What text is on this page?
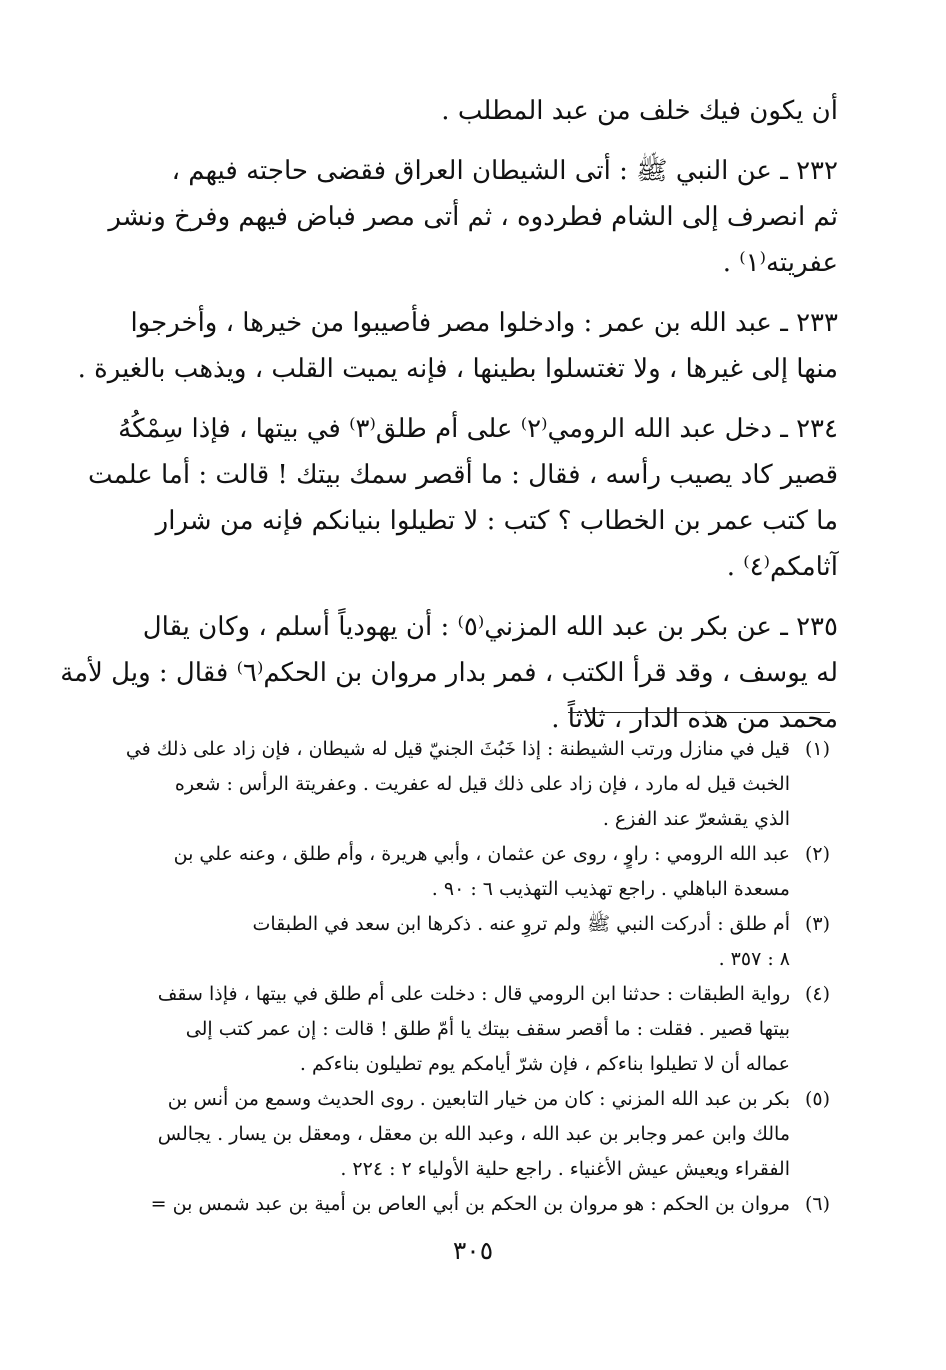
أن يكون فيك خلف من عبد المطلب .
٢٣٢ ـ عن النبي ﷺ : أتى الشيطان العراق فقضى حاجته فيهم ،
ثم انصرف إلى الشام فطردوه ، ثم أتى مصر فباض فيهم وفرخ ونشر
عفريته⁽١⁾ .
٢٣٣ ـ عبد الله بن عمر : وادخلوا مصر فأصيبوا من خيرها ، وأخرجوا
منها إلى غيرها ، ولا تغتسلوا بطينها ، فإنه يميت القلب ، ويذهب بالغيرة .
٢٣٤ ـ دخل عبد الله الرومي⁽٢⁾ على أم طلق⁽٣⁾ في بيتها ، فإذا سِمْكُهُ
قصير كاد يصيب رأسه ، فقال : ما أقصر سمك بيتك ! قالت : أما علمت
ما كتب عمر بن الخطاب ؟ كتب : لا تطيلوا بنيانكم فإنه من شرار
آثامكم⁽٤⁾ .
٢٣٥ ـ عن بكر بن عبد الله المزني⁽٥⁾ : أن يهودياً أسلم ، وكان يقال
له يوسف ، وقد قرأ الكتب ، فمر بدار مروان بن الحكم⁽٦⁾ فقال : ويل لأمة
محمد من هذه الدار ، ثلاثاً .
(١)
قيل في منازل ورتب الشيطنة : إذا خَبُثَ الجنيّ قيل له شيطان ، فإن زاد على ذلك في
الخبث قيل له مارد ، فإن زاد على ذلك قيل له عفريت . وعفريتة الرأس : شعره
الذي يقشعرّ عند الفزع .
(٢)
عبد الله الرومي : راوٍ ، روى عن عثمان ، وأبي هريرة ، وأم طلق ، وعنه علي بن
مسعدة الباهلي . راجع تهذيب التهذيب ٦ : ٩٠ .
(٣)
أم طلق : أدركت النبي ﷺ ولم تروِ عنه . ذكرها ابن سعد في الطبقات
٨ : ٣٥٧ .
(٤)
رواية الطبقات : حدثنا ابن الرومي قال : دخلت على أم طلق في بيتها ، فإذا سقف
بيتها قصير . فقلت : ما أقصر سقف بيتك يا أمّ طلق ! قالت : إن عمر كتب إلى
عماله أن لا تطيلوا بناءكم ، فإن شرّ أيامكم يوم تطيلون بناءكم .
(٥)
بكر بن عبد الله المزني : كان من خيار التابعين . روى الحديث وسمع من أنس بن
مالك وابن عمر وجابر بن عبد الله ، وعبد الله بن معقل ، ومعقل بن يسار . يجالس
الفقراء ويعيش عيش الأغنياء . راجع حلية الأولياء ٢ : ٢٢٤ .
(٦)
مروان بن الحكم : هو مروان بن الحكم بن أبي العاص بن أمية بن عبد شمس بن =
٣٠٥
